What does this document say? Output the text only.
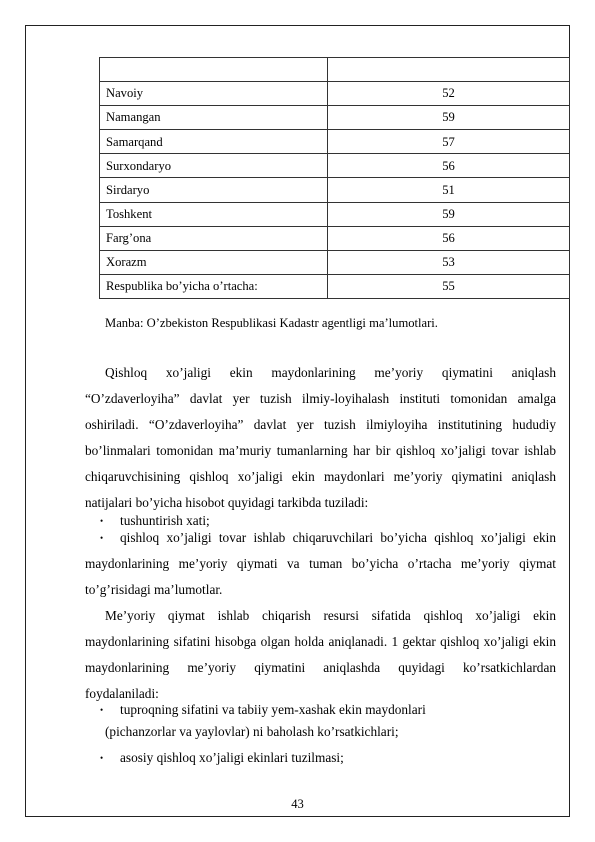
Navoiy	52
Namangan	59
Samarqand	57
Surxondaryo	56
Sirdaryo	51
Toshkent	59
Farg’ona	56
Xorazm	53
Respublika bo’yicha o’rtacha:	55
Manba: O’zbekiston Respublikasi Kadastr agentligi ma’lumotlari.

Qishloq xo’jaligi ekin maydonlarining me’yoriy qiymatini aniqlash “O’zdaverloyiha” davlat yer tuzish ilmiy-loyihalash instituti tomonidan amalga oshiriladi. “O’zdaverloyiha” davlat yer tuzish ilmiyloyiha institutining hududiy bo’linmalari tomonidan ma’muriy tumanlarning har bir qishloq xo’jaligi tovar ishlab chiqaruvchisining qishloq xo’jaligi ekin maydonlari me’yoriy qiymatini aniqlash natijalari bo’yicha hisobot quyidagi tarkibda tuziladi:

• tushuntirish xati;
•	qishloq xo’jaligi tovar ishlab chiqaruvchilari bo’yicha qishloq xo’jaligi ekin maydonlarining me’yoriy qiymati va tuman bo’yicha o’rtacha me’yoriy qiymat to’g’risidagi ma’lumotlar.

Me’yoriy qiymat ishlab chiqarish resursi sifatida qishloq xo’jaligi ekin maydonlarining sifatini hisobga olgan holda aniqlanadi. 1 gektar qishloq xo’jaligi ekin maydonlarining me’yoriy qiymatini aniqlashda quyidagi ko’rsatkichlardan foydalaniladi:

• tuproqning sifatini va tabiiy yem-xashak ekin maydonlari
(pichanzorlar va yaylovlar) ni baholash ko’rsatkichlari;
• asosiy qishloq xo’jaligi ekinlari tuzilmasi;
43
